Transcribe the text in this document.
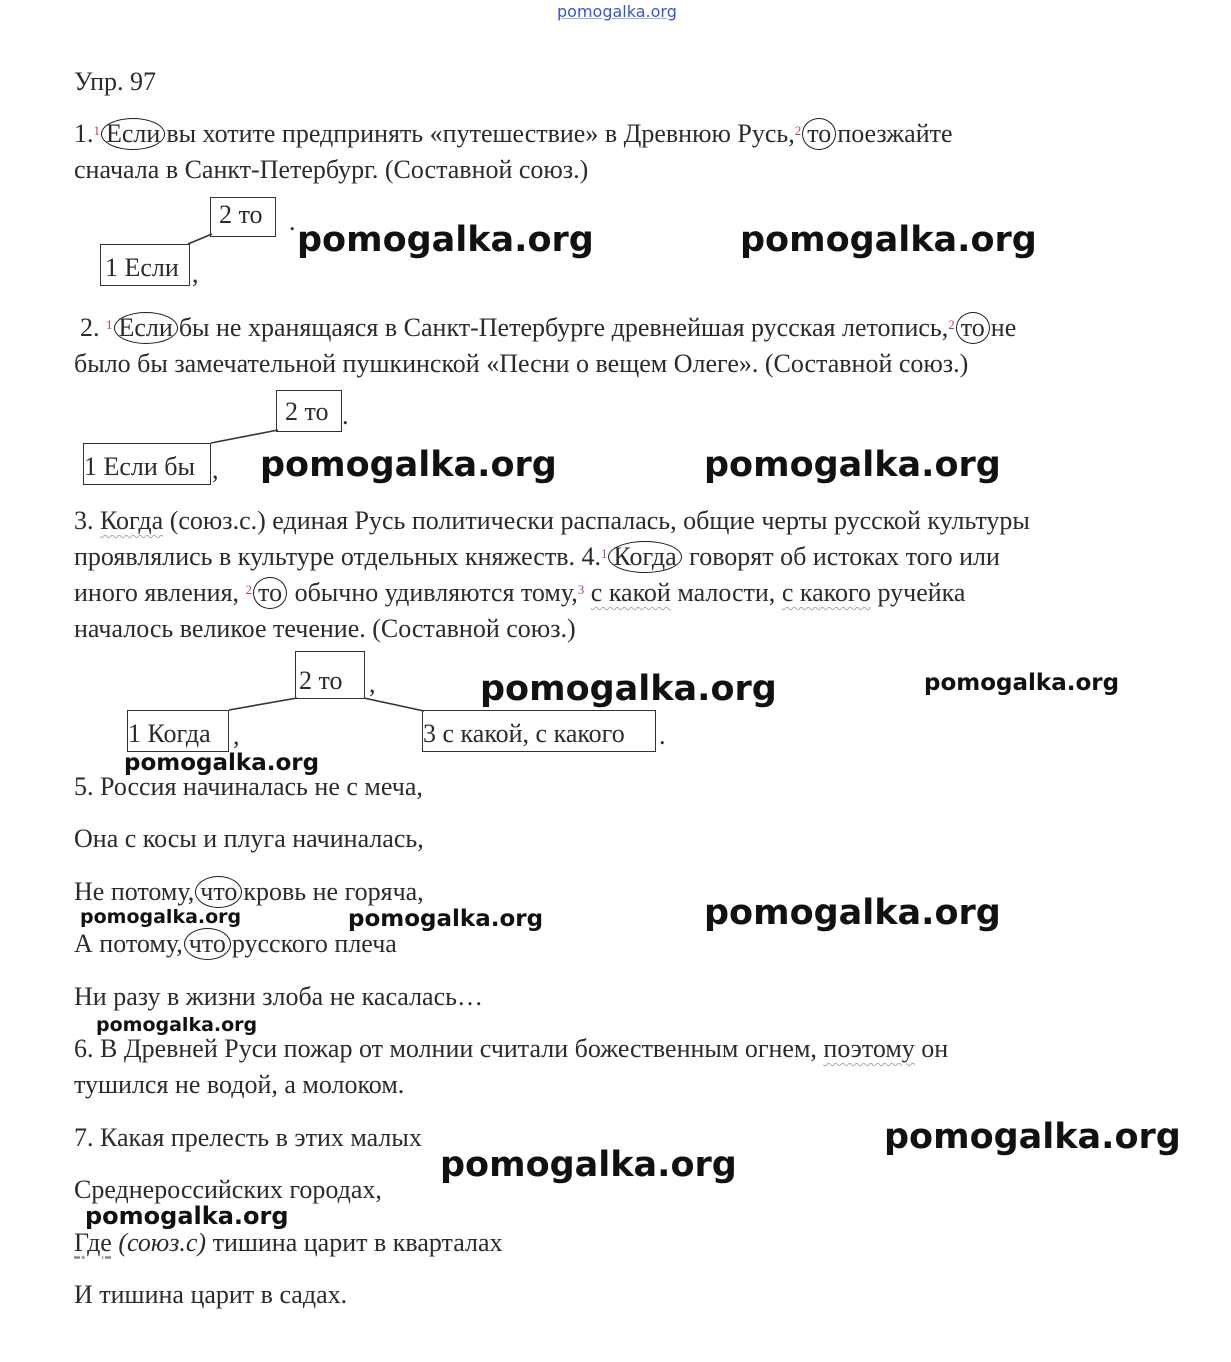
pomogalka.org
Упр. 97
1.$^1$ Если вы хотите предпринять «путешествие» в Древнюю Русь,$^2$ то поезжайте
сначала в Санкт-Петербург. (Составной союз.)
2 то	.
1 Если ,
2. $^1$ Если бы не хранящаяся в Санкт-Петербурге древнейшая русская летопись,$^2$ то не
было бы замечательной пушкинской «Песни о вещем Олеге». (Составной союз.)
2 то .
1 Если бы ,
3. Когда (союз.с.) единая Русь политически распалась, общие черты русской культуры
проявлялись в культуре отдельных княжеств. 4.$^1$ Когда говорят об истоках того или
иного явления, $^2$ то обычно удивляются тому,$^3$ с какой малости, с какого ручейка
началось великое течение. (Составной союз.)
2 то	,
1 Когда ,	3 с какой, с какого	.
5. Россия начиналась не с меча,
Она с косы и плуга начиналась,
Не потому, что кровь не горяча,
А потому, что русского плеча
Ни разу в жизни злоба не касалась…
6. В Древней Руси пожар от молнии считали божественным огнем, поэтому он
тушился не водой, а молоком.
7. Какая прелесть в этих малых
Среднероссийских городах,
Где (союз.с) тишина царит в кварталах
И тишина царит в садах.
pomogalka.org	pomogalka.org
pomogalka.org	pomogalka.org
pomogalka.org	pomogalka.org
pomogalka.org
pomogalka.org	pomogalka.org	pomogalka.org
pomogalka.org
pomogalka.org
pomogalka.org
pomogalka.org
